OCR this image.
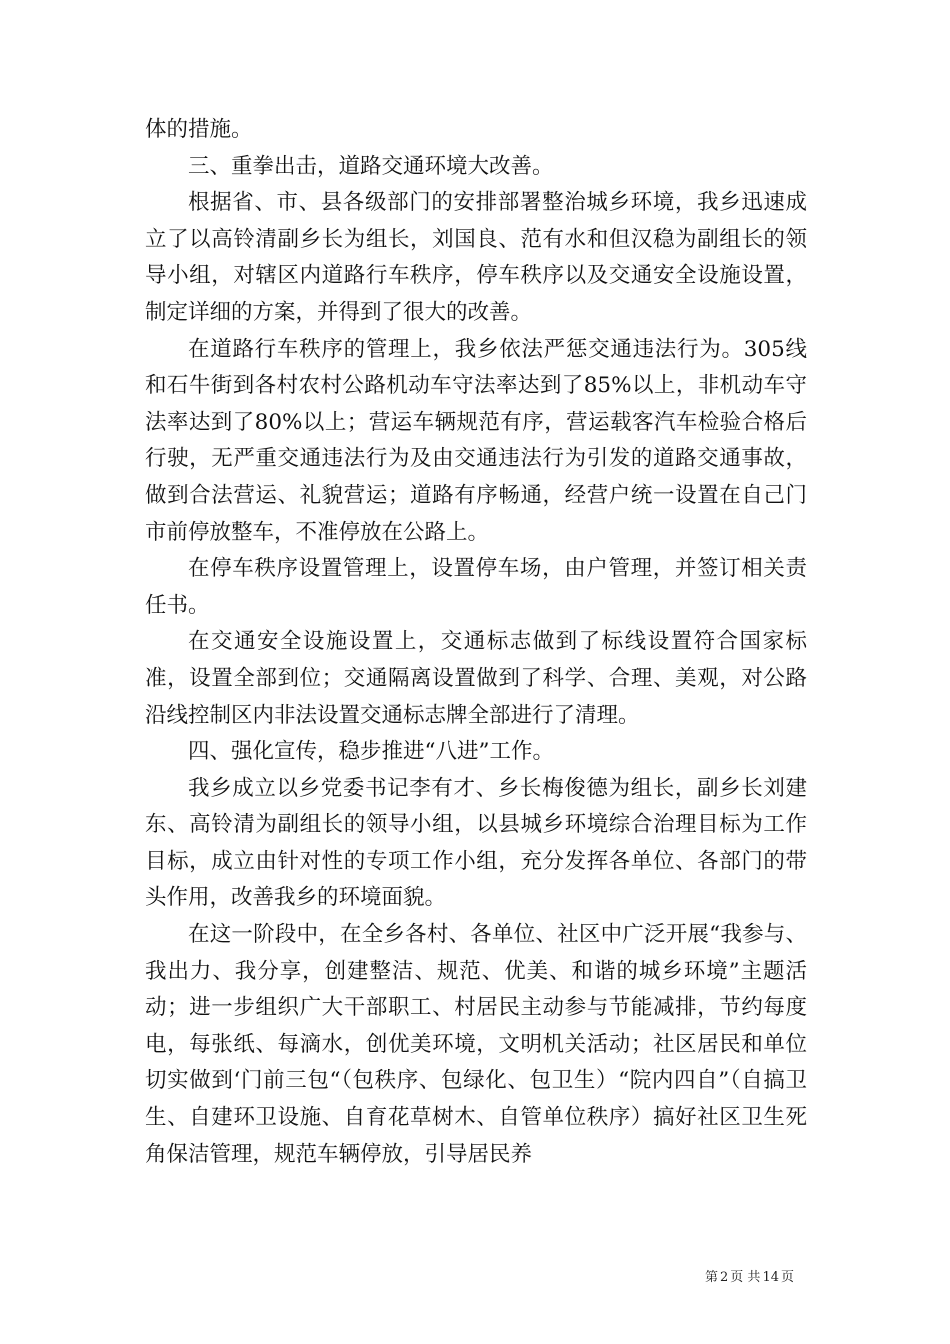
体的措施。

三、重拳出击，道路交通环境大改善。

根据省、市、县各级部门的安排部署整治城乡环境，我乡迅速成立了以高铃清副乡长为组长，刘国良、范有水和但汉稳为副组长的领导小组，对辖区内道路行车秩序，停车秩序以及交通安全设施设置，制定详细的方案，并得到了很大的改善。

在道路行车秩序的管理上，我乡依法严惩交通违法行为。305线和石牛街到各村农村公路机动车守法率达到了85%以上，非机动车守法率达到了80%以上；营运车辆规范有序，营运载客汽车检验合格后行驶，无严重交通违法行为及由交通违法行为引发的道路交通事故，做到合法营运、礼貌营运；道路有序畅通，经营户统一设置在自己门市前停放整车，不准停放在公路上。

在停车秩序设置管理上，设置停车场，由户管理，并签订相关责任书。

在交通安全设施设置上，交通标志做到了标线设置符合国家标准，设置全部到位；交通隔离设置做到了科学、合理、美观，对公路沿线控制区内非法设置交通标志牌全部进行了清理。

四、强化宣传，稳步推进“八进”工作。

我乡成立以乡党委书记李有才、乡长梅俊德为组长，副乡长刘建东、高铃清为副组长的领导小组，以县城乡环境综合治理目标为工作目标，成立由针对性的专项工作小组，充分发挥各单位、各部门的带头作用，改善我乡的环境面貌。

在这一阶段中，在全乡各村、各单位、社区中广泛开展“我参与、我出力、我分享，创建整洁、规范、优美、和谐的城乡环境”主题活动；进一步组织广大干部职工、村居民主动参与节能减排，节约每度电，每张纸、每滴水，创优美环境，文明机关活动；社区居民和单位切实做到‘门前三包“（包秩序、包绿化、包卫生）“院内四自”（自搞卫生、自建环卫设施、自育花草树木、自管单位秩序）搞好社区卫生死角保洁管理，规范车辆停放，引导居民养

第 2 页 共 14 页
